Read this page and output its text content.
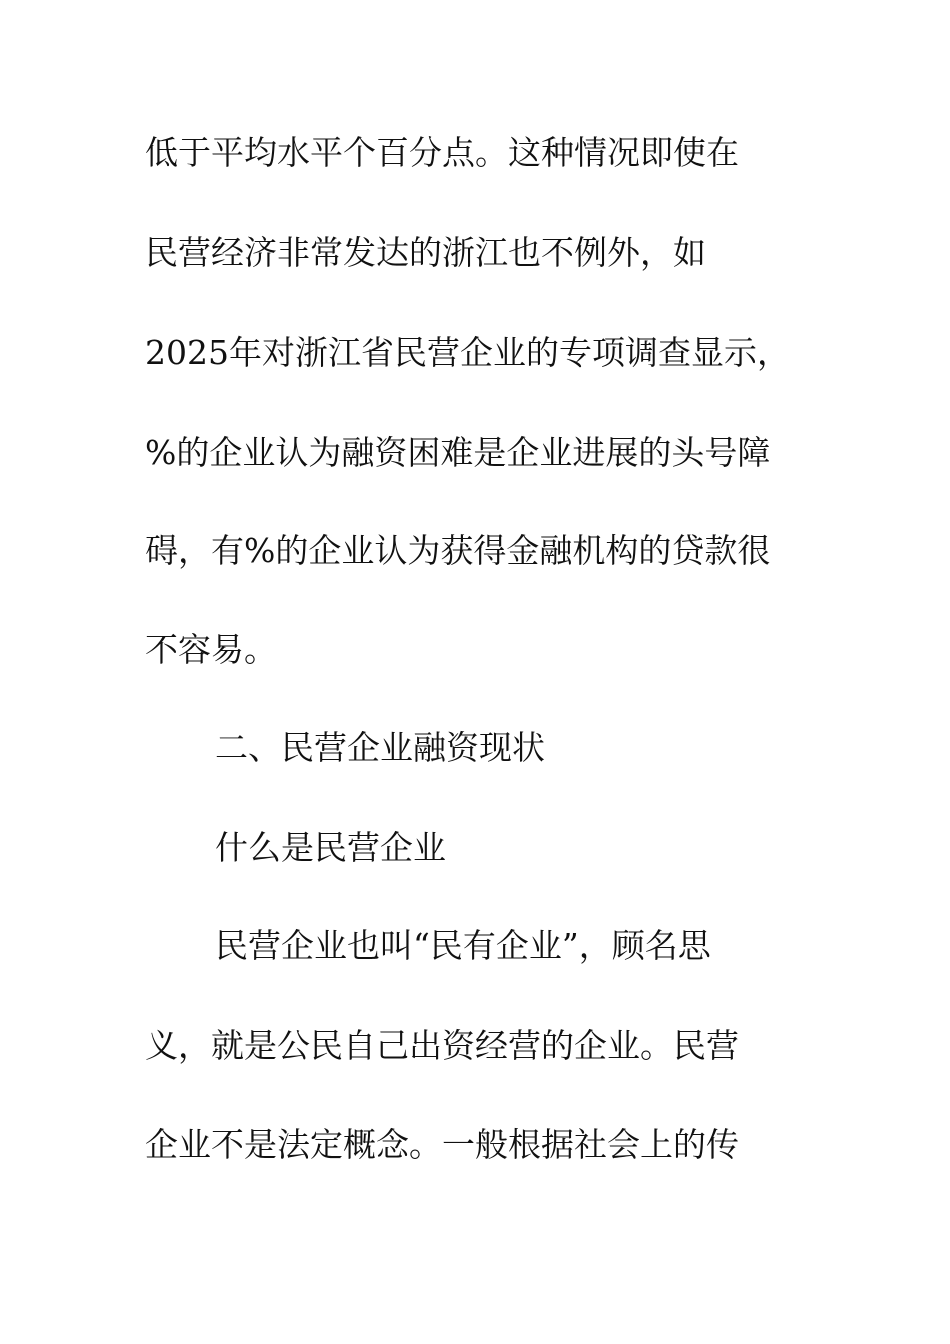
低于平均水平个百分点。这种情况即使在
民营经济非常发达的浙江也不例外，如
2025年对浙江省民营企业的专项调查显示，
%的企业认为融资困难是企业进展的头号障
碍，有%的企业认为获得金融机构的贷款很
不容易。
二、民营企业融资现状
什么是民营企业
民营企业也叫“民有企业”，顾名思
义，就是公民自己出资经营的企业。民营
企业不是法定概念。一般根据社会上的传
